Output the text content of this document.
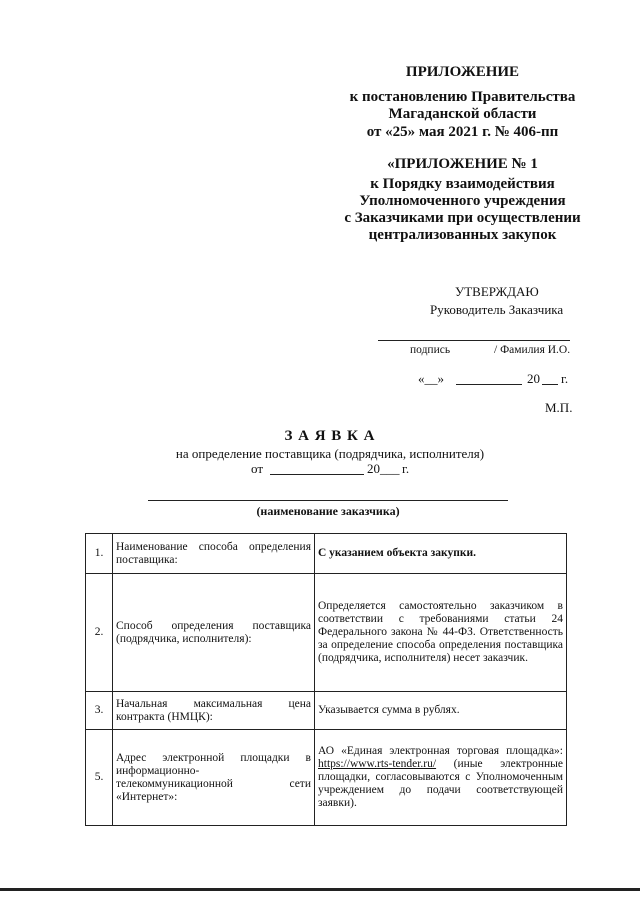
ПРИЛОЖЕНИЕ
к постановлению Правительства
Магаданской области
от «25» мая 2021 г. № 406-пп
«ПРИЛОЖЕНИЕ № 1
к Порядку взаимодействия
Уполномоченного учреждения
с Заказчиками при осуществлении
централизованных закупок
УТВЕРЖДАЮ
Руководитель Заказчика
подпись	/ Фамилия И.О.
«__»	20 г.
М.П.
З А Я В К А
на определение поставщика (подрядчика, исполнителя)
от	20___ г.
(наименование заказчика)
1.	Наименование способа определения поставщика:	С указанием объекта закупки.
2.	Способ определения поставщика (подрядчика, исполнителя):	Определяется самостоятельно заказчиком в соответствии с требованиями статьи 24 Федерального закона № 44-ФЗ. Ответственность за определение способа определения поставщика (подрядчика, исполнителя) несет заказчик.
3.	Начальная максимальная цена контракта (НМЦК):	Указывается сумма в рублях.
5.	Адрес электронной площадки в информационно-телекоммуникационной сети «Интернет»:	АО «Единая электронная торговая площадка»: https://www.rts-tender.ru/ (иные электронные площадки, согласовываются с Уполномоченным учреждением до подачи соответствующей заявки).
